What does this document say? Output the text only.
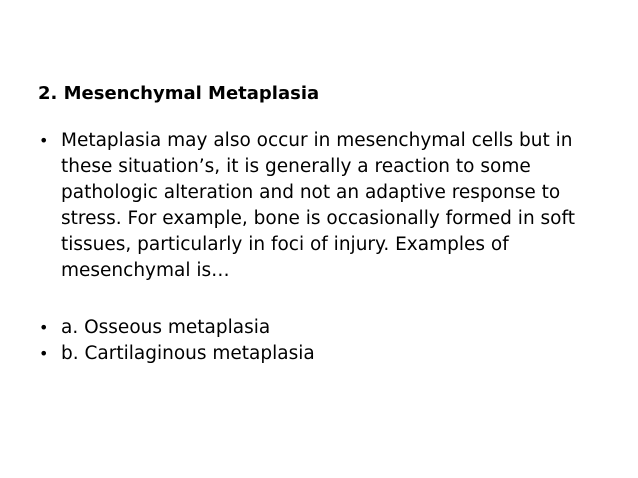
2. Mesenchymal Metaplasia
• Metaplasia may also occur in mesenchymal cells but in
these situation’s, it is generally a reaction to some
pathologic alteration and not an adaptive response to
stress. For example, bone is occasionally formed in soft
tissues, particularly in foci of injury. Examples of
mesenchymal is…
• a. Osseous metaplasia
• b. Cartilaginous metaplasia
